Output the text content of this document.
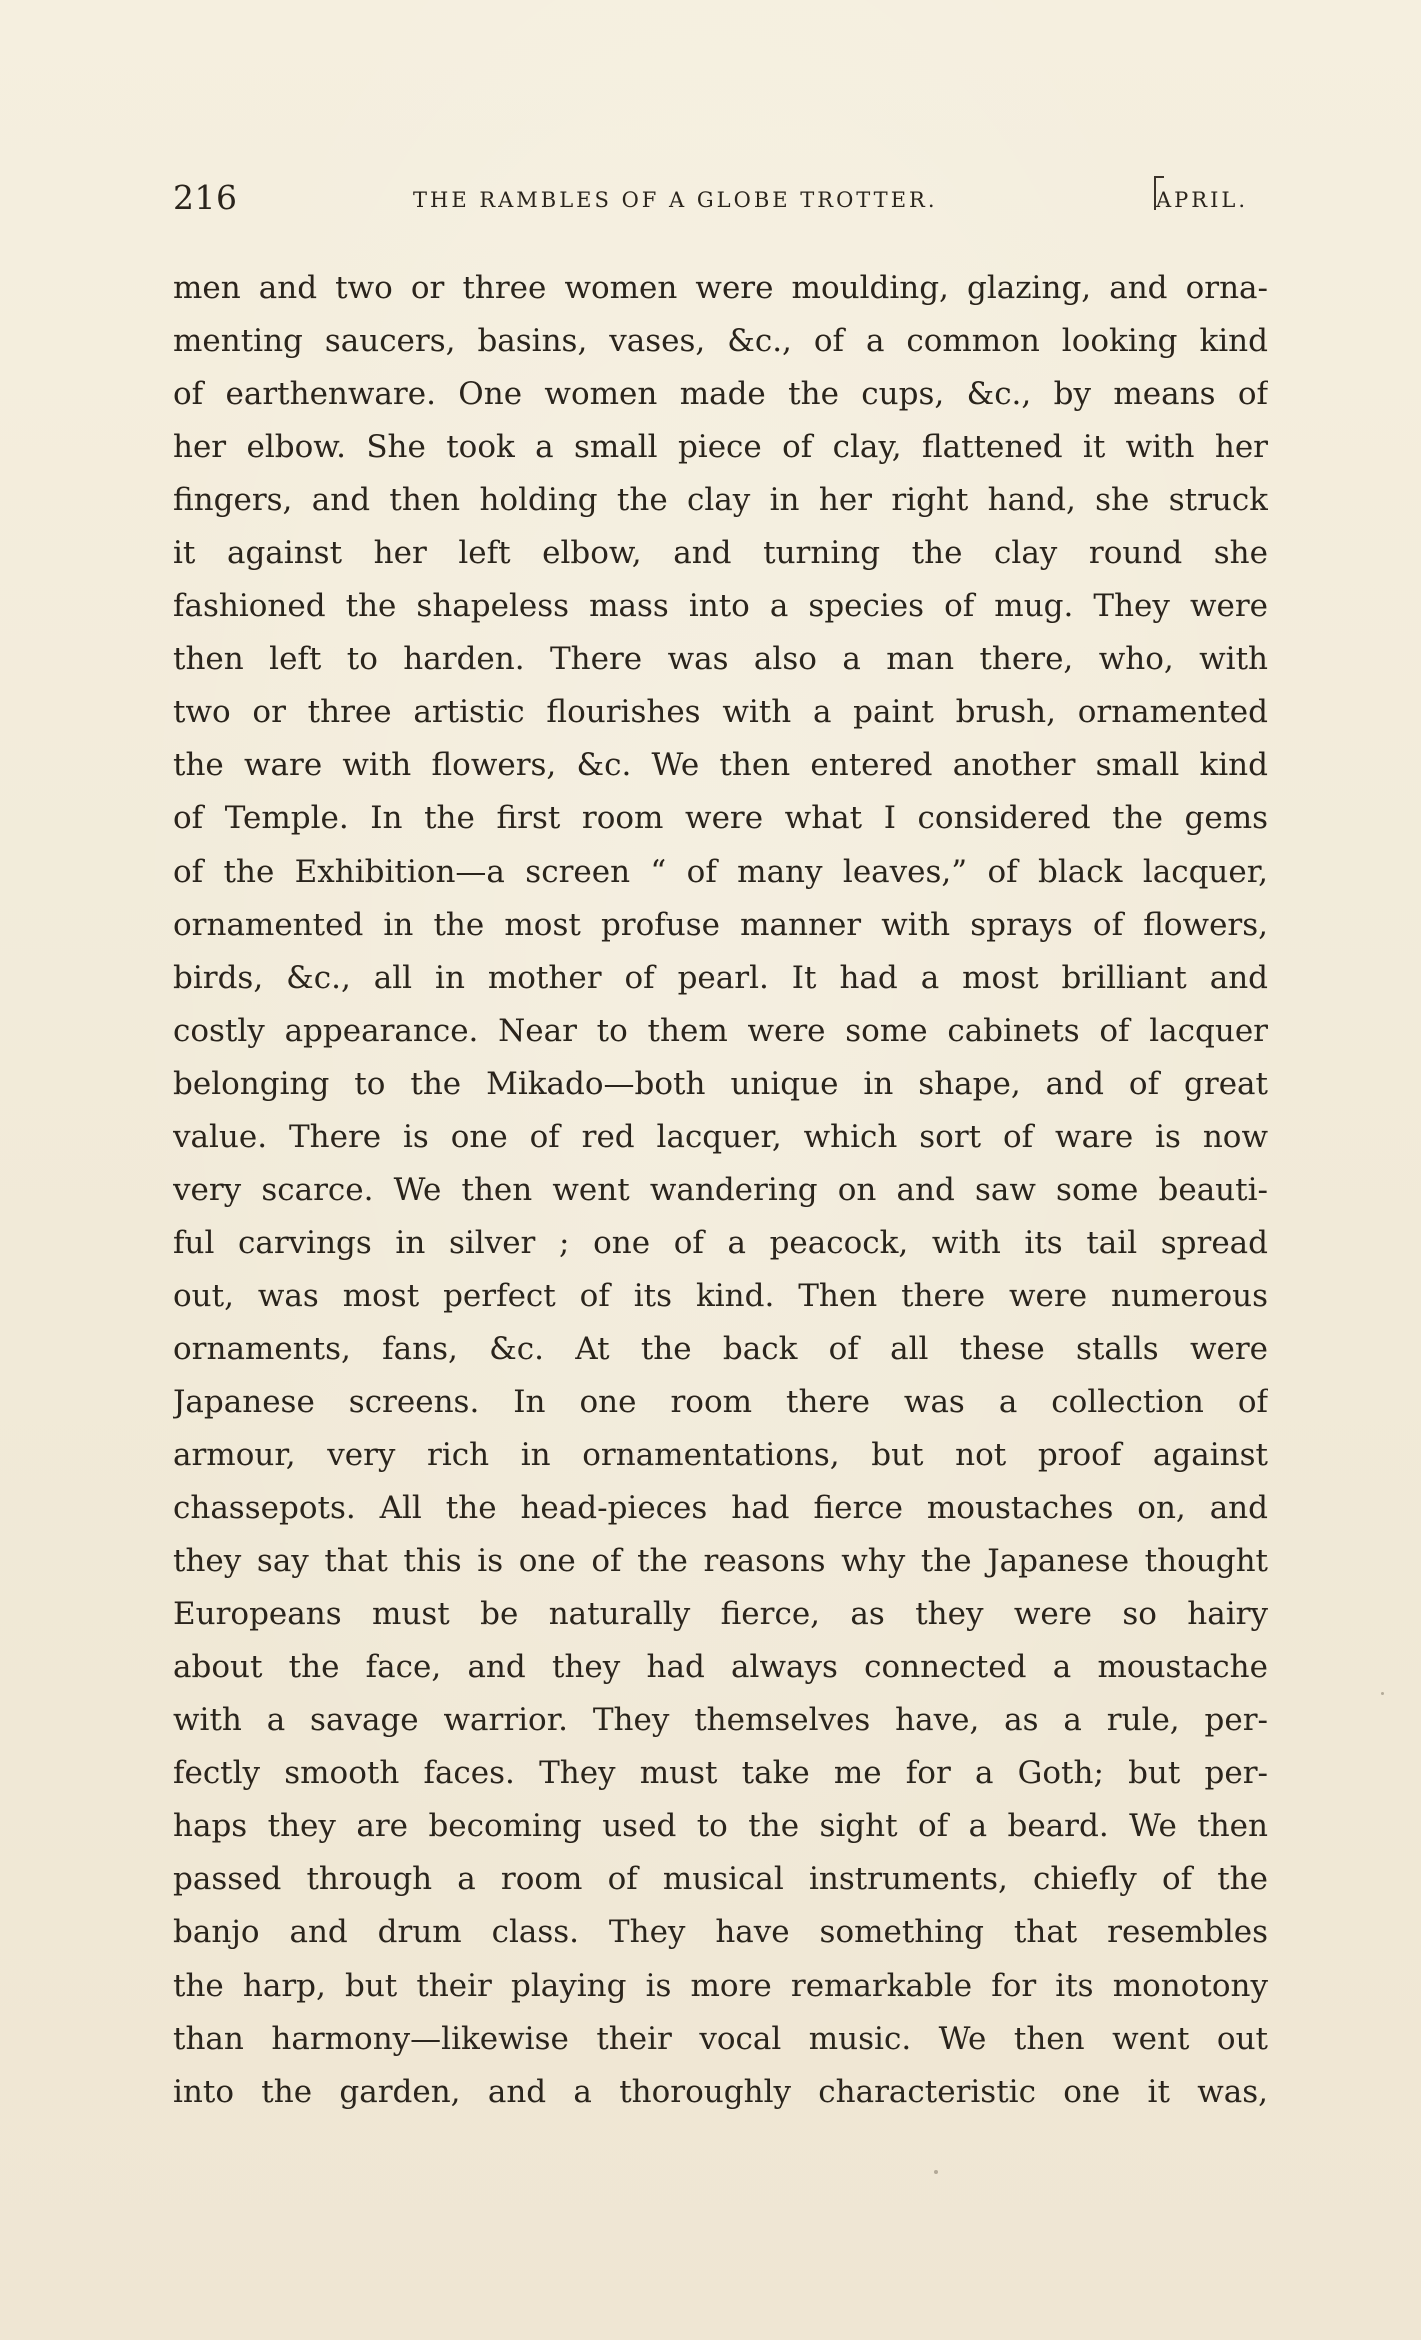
216	THE RAMBLES OF A GLOBE TROTTER.	APRIL.
men and two or three women were moulding, glazing, and orna-
menting saucers, basins, vases, &c., of a common looking kind
of earthenware. One women made the cups, &c., by means of
her elbow. She took a small piece of clay, flattened it with her
fingers, and then holding the clay in her right hand, she struck
it against her left elbow, and turning the clay round she
fashioned the shapeless mass into a species of mug. They were
then left to harden. There was also a man there, who, with
two or three artistic flourishes with a paint brush, ornamented
the ware with flowers, &c. We then entered another small kind
of Temple. In the first room were what I considered the gems
of the Exhibition—a screen “ of many leaves,” of black lacquer,
ornamented in the most profuse manner with sprays of flowers,
birds, &c., all in mother of pearl. It had a most brilliant and
costly appearance. Near to them were some cabinets of lacquer
belonging to the Mikado—both unique in shape, and of great
value. There is one of red lacquer, which sort of ware is now
very scarce. We then went wandering on and saw some beauti-
ful carvings in silver ; one of a peacock, with its tail spread
out, was most perfect of its kind. Then there were numerous
ornaments, fans, &c. At the back of all these stalls were
Japanese screens. In one room there was a collection of
armour, very rich in ornamentations, but not proof against
chassepots. All the head-pieces had fierce moustaches on, and
they say that this is one of the reasons why the Japanese thought
Europeans must be naturally fierce, as they were so hairy
about the face, and they had always connected a moustache
with a savage warrior. They themselves have, as a rule, per-
fectly smooth faces. They must take me for a Goth; but per-
haps they are becoming used to the sight of a beard. We then
passed through a room of musical instruments, chiefly of the
banjo and drum class. They have something that resembles
the harp, but their playing is more remarkable for its monotony
than harmony—likewise their vocal music. We then went out
into the garden, and a thoroughly characteristic one it was,
